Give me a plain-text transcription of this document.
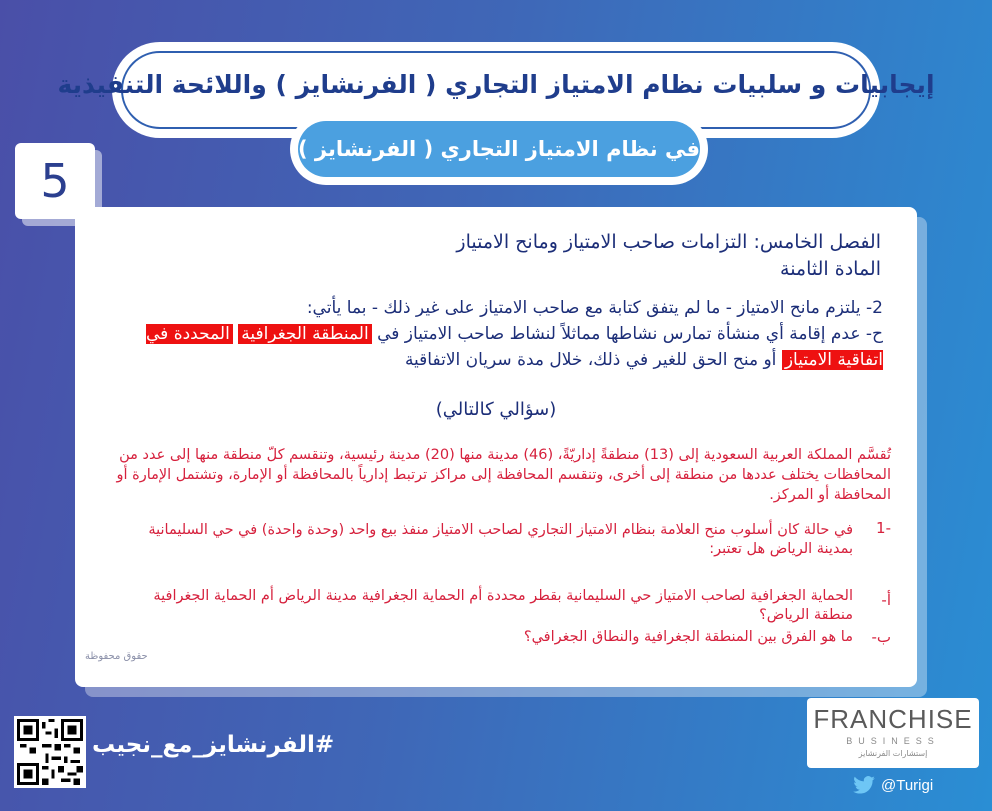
إيجابيات و سلبيات نظام الامتياز التجاري ( الفرنشايز ) واللائحة التنفيذية
في نظام الامتياز التجاري ( الفرنشايز )
الفصل الخامس: التزامات صاحب الامتياز ومانح الامتياز
المادة الثامنة
2- يلتزم مانح الامتياز - ما لم يتفق كتابة مع صاحب الامتياز على غير ذلك - بما يأتي:
ح- عدم إقامة أي منشأة تمارس نشاطها مماثلاً لنشاط صاحب الامتياز في المنطقة الجغرافية المحددة في اتفاقية الامتياز أو منح الحق للغير في ذلك، خلال مدة سريان الاتفاقية
(سؤالي كالتالي)
تُقسَّم المملكة العربية السعودية إلى (13) منطقةً إداريّةً، (46) مدينة منها (20) مدينة رئيسية، وتنقسم كلّ منطقة منها إلى عدد من المحافظات يختلف عددها من منطقة إلى أخرى، وتنقسم المحافظة إلى مراكز ترتبط إدارياً بالمحافظة أو الإمارة، وتشتمل الإمارة أو المحافظة أو المركز.
-1
في حالة كان أسلوب منح العلامة بنظام الامتياز التجاري لصاحب الامتياز منفذ بيع واحد (وحدة واحدة) في حي السليمانية بمدينة الرياض هل تعتبر:
أ-
الحماية الجغرافية لصاحب الامتياز حي السليمانية بقطر محددة أم الحماية الجغرافية مدينة الرياض أم الحماية الجغرافية منطقة الرياض؟
ب-
ما هو الفرق بين المنطقة الجغرافية والنطاق الجغرافي؟
حقوق محفوظة
5
FRANCHISE
BUSINESS
إستشارات الفرنشايز
@Turigi
#الفرنشايز_مع_نجيب
